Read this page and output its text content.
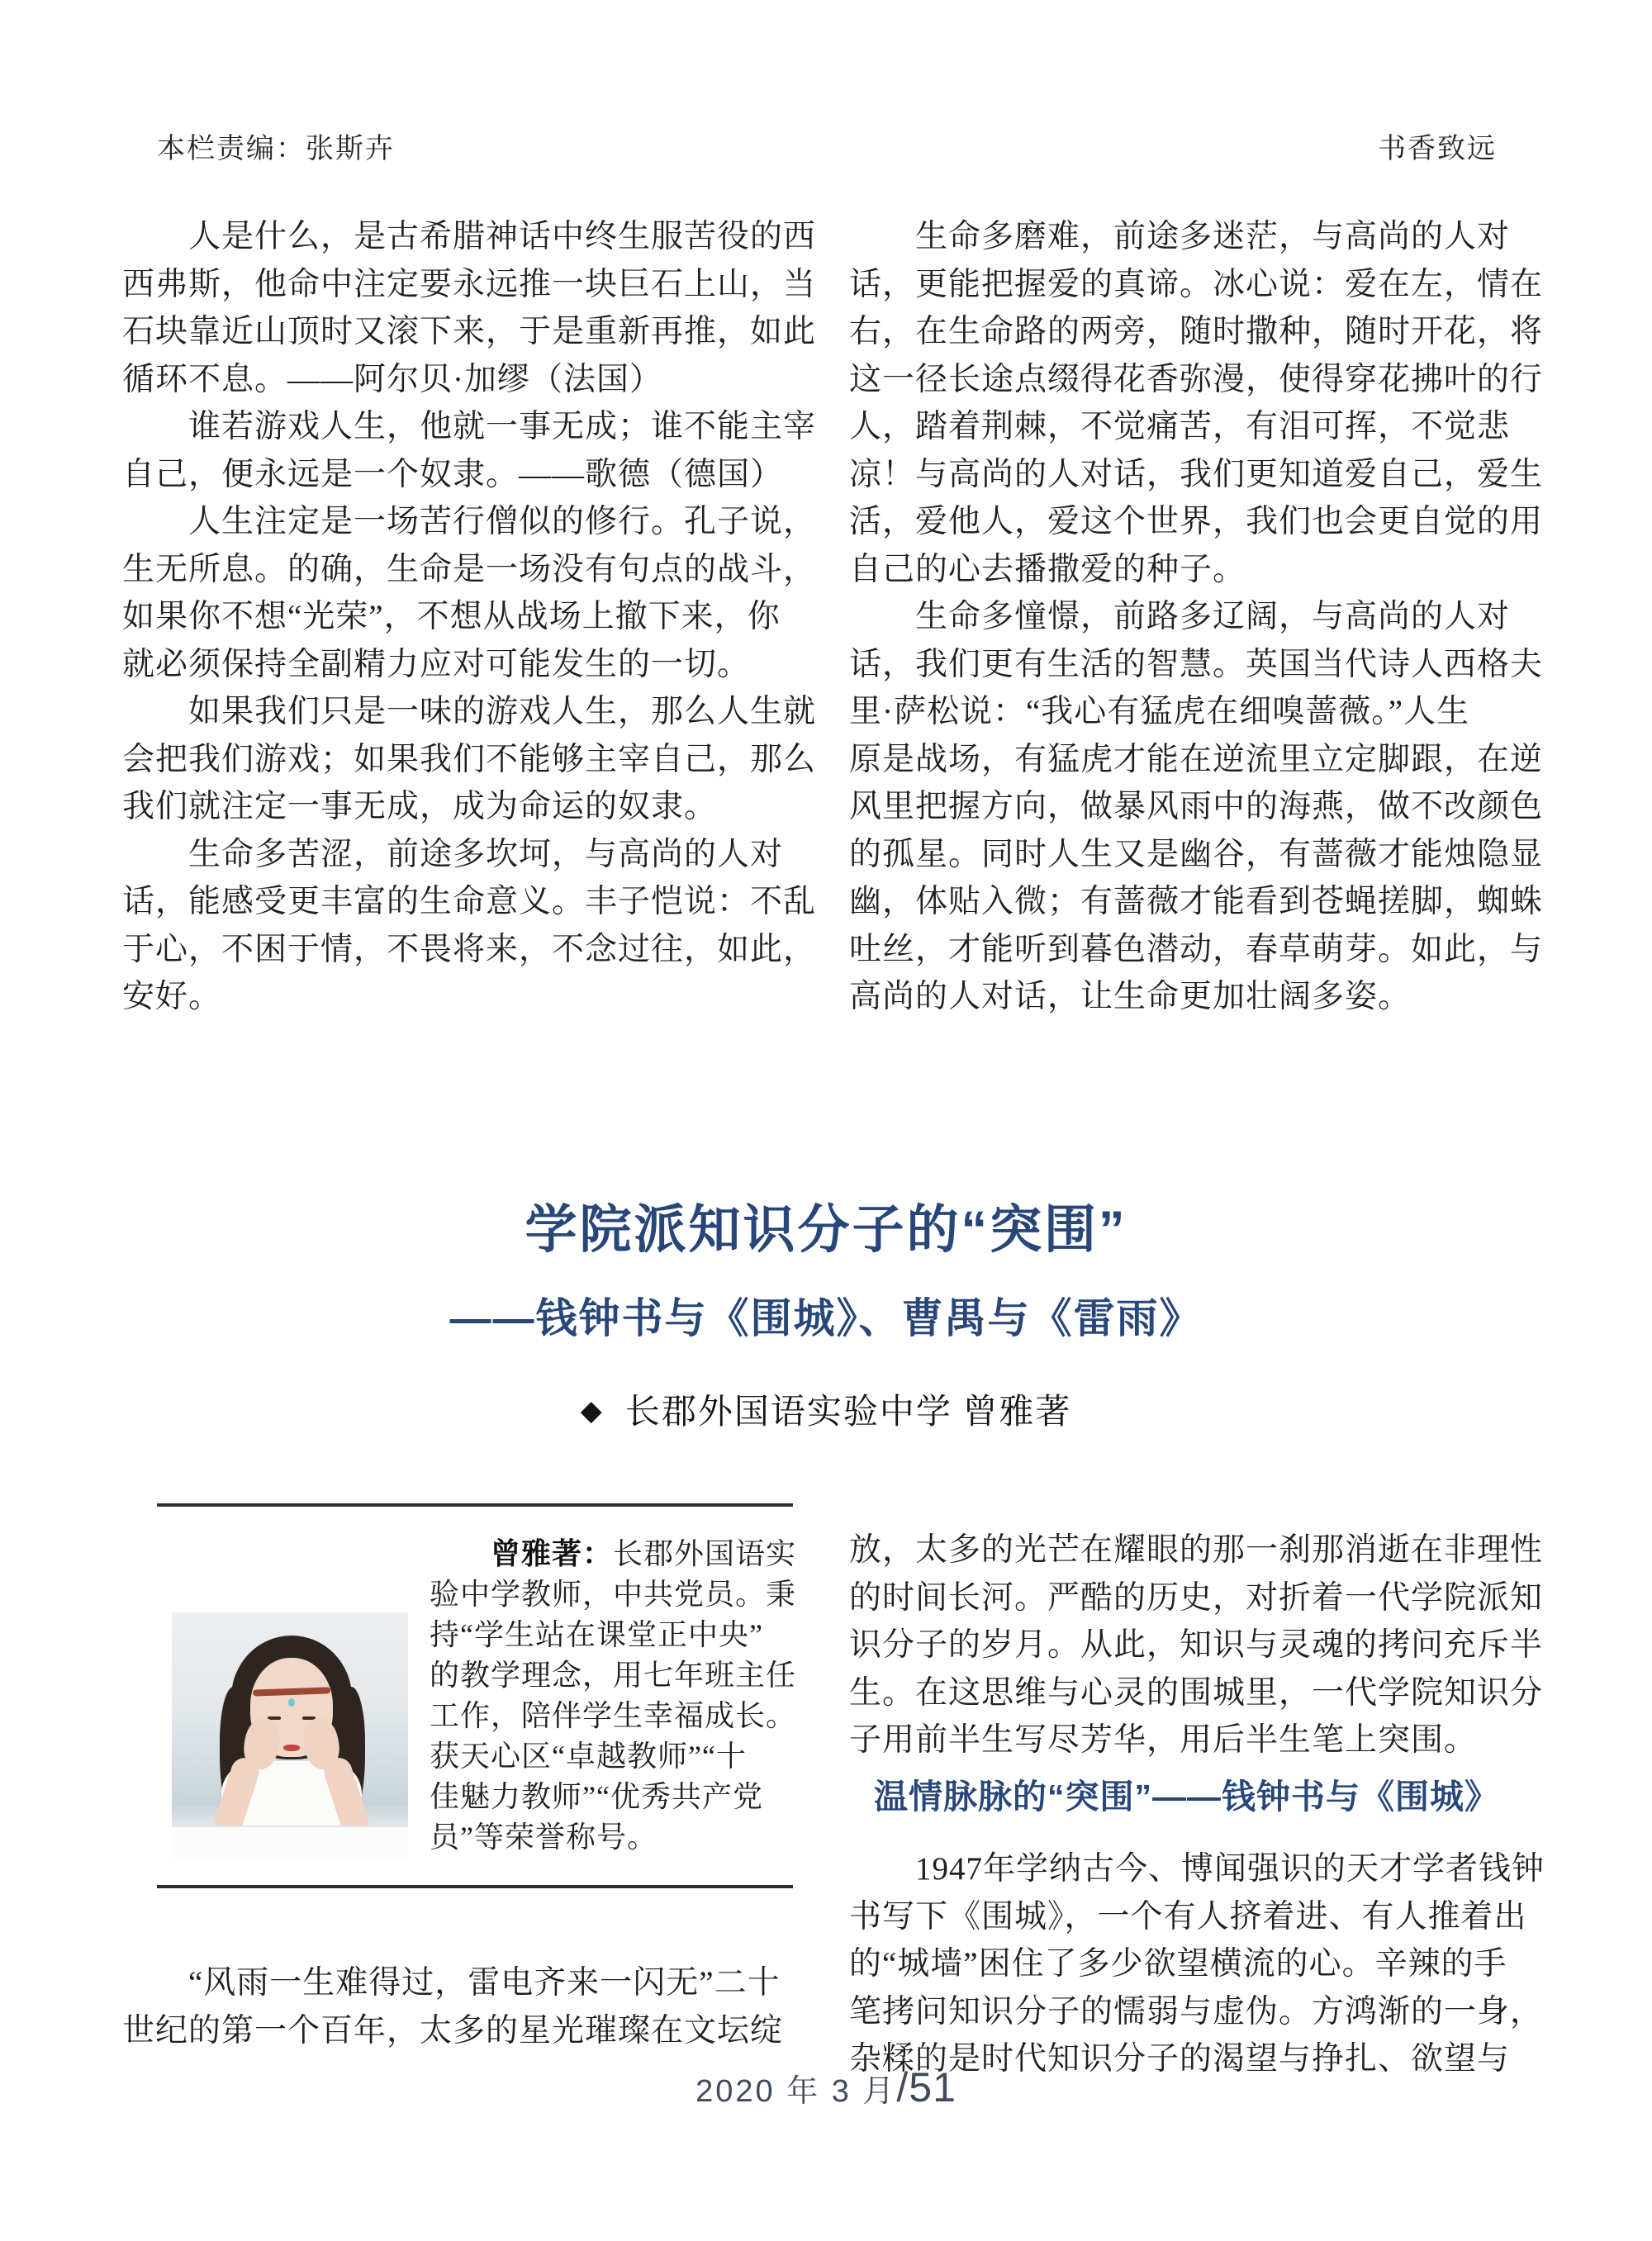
本栏责编：张斯卉	书香致远
　　人是什么，是古希腊神话中终生服苦役的西
西弗斯，他命中注定要永远推一块巨石上山，当
石块靠近山顶时又滚下来，于是重新再推，如此
循环不息。——阿尔贝·加缪（法国）
　　谁若游戏人生，他就一事无成；谁不能主宰
自己，便永远是一个奴隶。——歌德（德国）
　　人生注定是一场苦行僧似的修行。孔子说，
生无所息。的确，生命是一场没有句点的战斗，
如果你不想“光荣”，不想从战场上撤下来，你
就必须保持全副精力应对可能发生的一切。
　　如果我们只是一味的游戏人生，那么人生就
会把我们游戏；如果我们不能够主宰自己，那么
我们就注定一事无成，成为命运的奴隶。
　　生命多苦涩，前途多坎坷，与高尚的人对
话，能感受更丰富的生命意义。丰子恺说：不乱
于心，不困于情，不畏将来，不念过往，如此，
安好。
　　生命多磨难，前途多迷茫，与高尚的人对
话，更能把握爱的真谛。冰心说：爱在左，情在
右，在生命路的两旁，随时撒种，随时开花，将
这一径长途点缀得花香弥漫，使得穿花拂叶的行
人，踏着荆棘，不觉痛苦，有泪可挥，不觉悲
凉！与高尚的人对话，我们更知道爱自己，爱生
活，爱他人，爱这个世界，我们也会更自觉的用
自己的心去播撒爱的种子。
　　生命多憧憬，前路多辽阔，与高尚的人对
话，我们更有生活的智慧。英国当代诗人西格夫
里·萨松说：“我心有猛虎在细嗅蔷薇。”人生
原是战场，有猛虎才能在逆流里立定脚跟，在逆
风里把握方向，做暴风雨中的海燕，做不改颜色
的孤星。同时人生又是幽谷，有蔷薇才能烛隐显
幽，体贴入微；有蔷薇才能看到苍蝇搓脚，蜘蛛
吐丝，才能听到暮色潜动，春草萌芽。如此，与
高尚的人对话，让生命更加壮阔多姿。
学院派知识分子的“突围”
——钱钟书与《围城》、曹禺与《雷雨》
◆ 长郡外国语实验中学 曾雅著
　　曾雅著：长郡外国语实
验中学教师，中共党员。秉
持“学生站在课堂正中央”
的教学理念，用七年班主任
工作，陪伴学生幸福成长。
获天心区“卓越教师”“十
佳魅力教师”“优秀共产党
员”等荣誉称号。
　　“风雨一生难得过，雷电齐来一闪无”二十
世纪的第一个百年，太多的星光璀璨在文坛绽
放，太多的光芒在耀眼的那一刹那消逝在非理性
的时间长河。严酷的历史，对折着一代学院派知
识分子的岁月。从此，知识与灵魂的拷问充斥半
生。在这思维与心灵的围城里，一代学院知识分
子用前半生写尽芳华，用后半生笔上突围。
温情脉脉的“突围”——钱钟书与《围城》
　　1947年学纳古今、博闻强识的天才学者钱钟
书写下《围城》，一个有人挤着进、有人推着出
的“城墙”困住了多少欲望横流的心。辛辣的手
笔拷问知识分子的懦弱与虚伪。方鸿渐的一身，
杂糅的是时代知识分子的渴望与挣扎、欲望与
2020 年 3 月/51
